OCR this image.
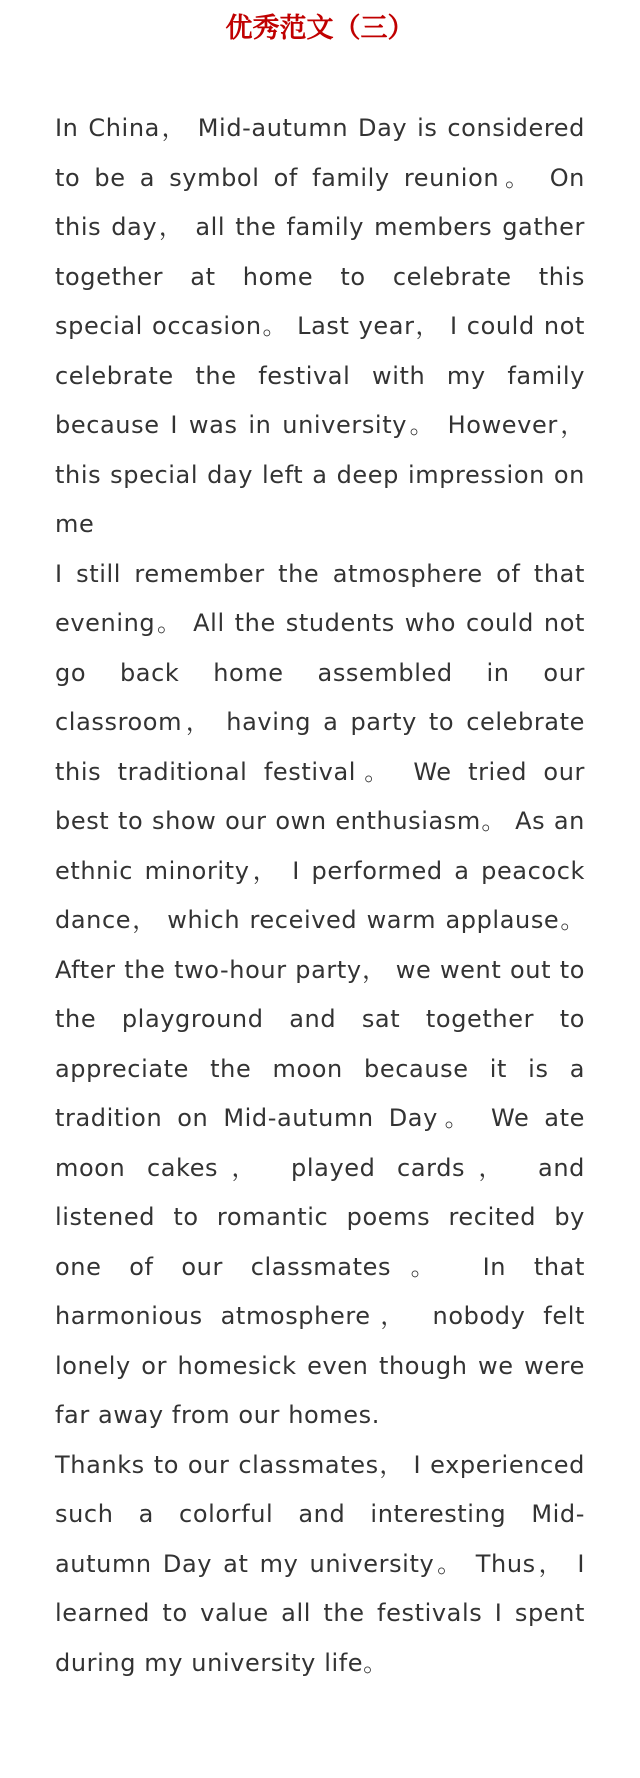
优秀范文（三）

In China， Mid-autumn Day is considered to be a symbol of family reunion。 On this day， all the family members gather together at home to celebrate this special occasion。 Last year， I could not celebrate the festival with my family because I was in university。 However， this special day left a deep impression on me

I still remember the atmosphere of that evening。 All the students who could not go back home assembled in our classroom， having a party to celebrate this traditional festival。 We tried our best to show our own enthusiasm。 As an ethnic minority， I performed a peacock dance， which received warm applause。 After the two-hour party， we went out to the playground and sat together to appreciate the moon because it is a tradition on Mid-autumn Day。 We ate moon cakes， played cards， and listened to romantic poems recited by one of our classmates。 In that harmonious atmosphere， nobody felt lonely or homesick even though we were far away from our homes.

Thanks to our classmates， I experienced such a colorful and interesting Mid-autumn Day at my university。 Thus， I learned to value all the festivals I spent during my university life。
